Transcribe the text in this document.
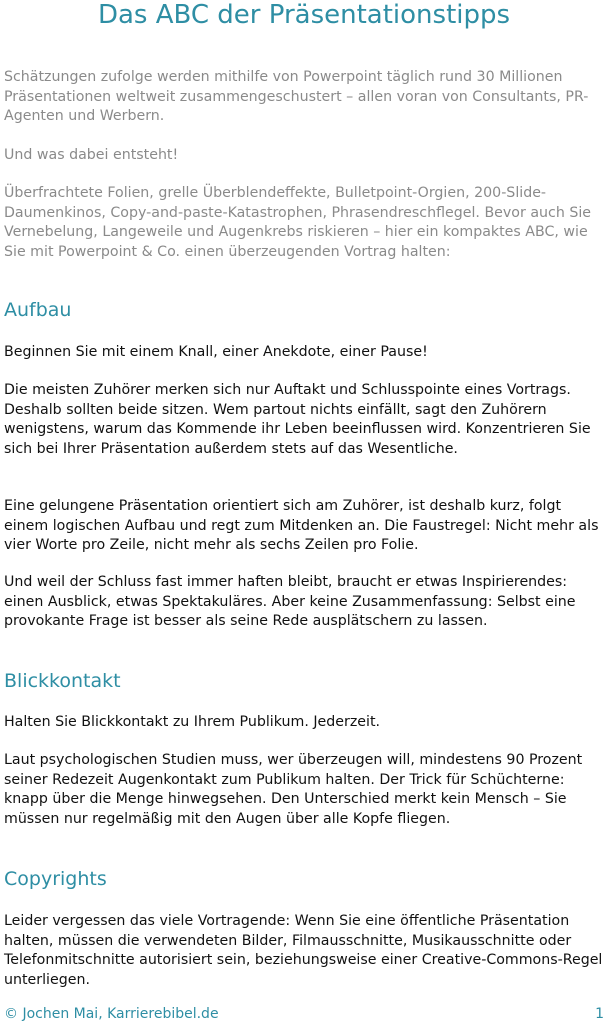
Das ABC der Präsentationstipps

Schätzungen zufolge werden mithilfe von Powerpoint täglich rund 30 Millionen Präsentationen weltweit zusammengeschustert – allen voran von Consultants, PR-Agenten und Werbern.

Und was dabei entsteht!

Überfrachtete Folien, grelle Überblendeffekte, Bulletpoint-Orgien, 200-Slide-Daumenkinos, Copy-and-paste-Katastrophen, Phrasendreschflegel. Bevor auch Sie Vernebelung, Langeweile und Augenkrebs riskieren – hier ein kompaktes ABC, wie Sie mit Powerpoint & Co. einen überzeugenden Vortrag halten:

Aufbau

Beginnen Sie mit einem Knall, einer Anekdote, einer Pause!

Die meisten Zuhörer merken sich nur Auftakt und Schlusspointe eines Vortrags. Deshalb sollten beide sitzen. Wem partout nichts einfällt, sagt den Zuhörern wenigstens, warum das Kommende ihr Leben beeinflussen wird. Konzentrieren Sie sich bei Ihrer Präsentation außerdem stets auf das Wesentliche.

Eine gelungene Präsentation orientiert sich am Zuhörer, ist deshalb kurz, folgt einem logischen Aufbau und regt zum Mitdenken an. Die Faustregel: Nicht mehr als vier Worte pro Zeile, nicht mehr als sechs Zeilen pro Folie.

Und weil der Schluss fast immer haften bleibt, braucht er etwas Inspirierendes: einen Ausblick, etwas Spektakuläres. Aber keine Zusammenfassung: Selbst eine provokante Frage ist besser als seine Rede ausplätschern zu lassen.

Blickkontakt

Halten Sie Blickkontakt zu Ihrem Publikum. Jederzeit.

Laut psychologischen Studien muss, wer überzeugen will, mindestens 90 Prozent seiner Redezeit Augenkontakt zum Publikum halten. Der Trick für Schüchterne: knapp über die Menge hinwegsehen. Den Unterschied merkt kein Mensch – Sie müssen nur regelmäßig mit den Augen über alle Kopfe fliegen.

Copyrights

Leider vergessen das viele Vortragende: Wenn Sie eine öffentliche Präsentation halten, müssen die verwendeten Bilder, Filmausschnitte, Musikausschnitte oder Telefonmitschnitte autorisiert sein, beziehungsweise einer Creative-Commons-Regel unterliegen.

© Jochen Mai, Karrierebibel.de	1
